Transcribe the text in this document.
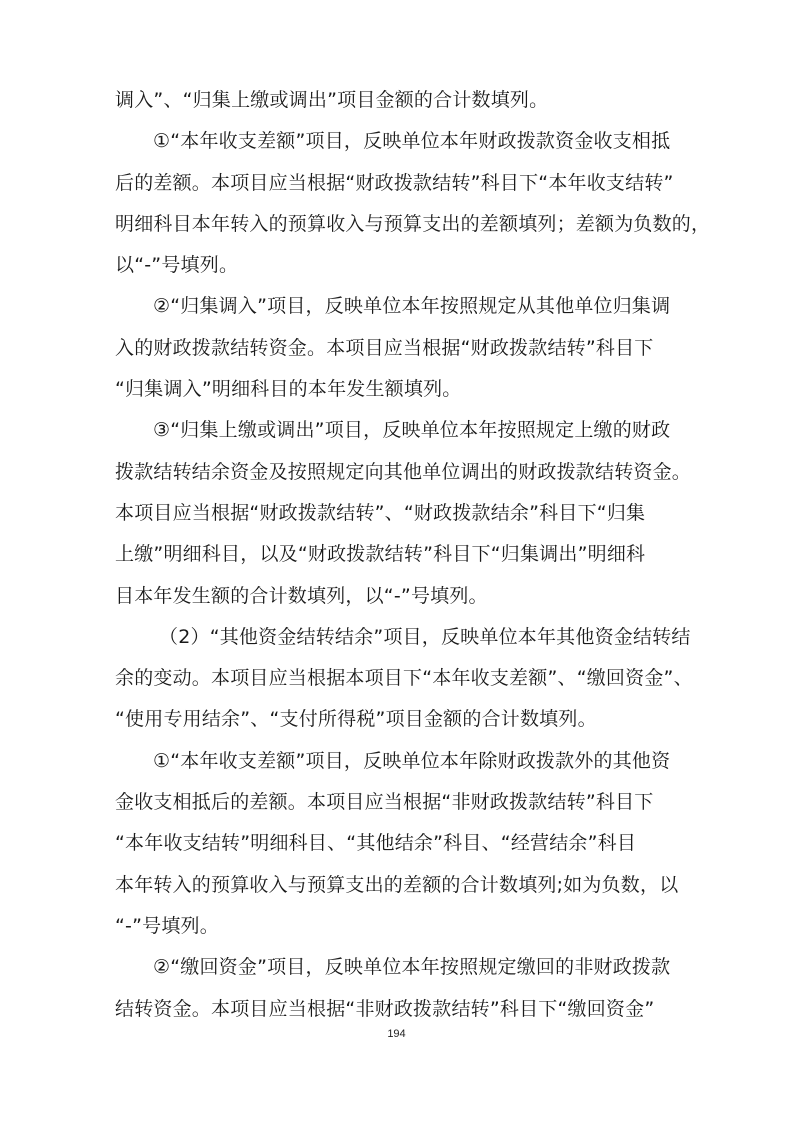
调入”、“归集上缴或调出”项目金额的合计数填列。
①“本年收支差额”项目，反映单位本年财政拨款资金收支相抵
后的差额。本项目应当根据“财政拨款结转”科目下“本年收支结转”
明细科目本年转入的预算收入与预算支出的差额填列；差额为负数的，
以“-”号填列。
②“归集调入”项目，反映单位本年按照规定从其他单位归集调
入的财政拨款结转资金。本项目应当根据“财政拨款结转”科目下
“归集调入”明细科目的本年发生额填列。
③“归集上缴或调出”项目，反映单位本年按照规定上缴的财政
拨款结转结余资金及按照规定向其他单位调出的财政拨款结转资金。
本项目应当根据“财政拨款结转”、“财政拨款结余”科目下“归集
上缴”明细科目，以及“财政拨款结转”科目下“归集调出”明细科
目本年发生额的合计数填列，以“-”号填列。
（2）“其他资金结转结余”项目，反映单位本年其他资金结转结
余的变动。本项目应当根据本项目下“本年收支差额”、“缴回资金”、
“使用专用结余”、“支付所得税”项目金额的合计数填列。
①“本年收支差额”项目，反映单位本年除财政拨款外的其他资
金收支相抵后的差额。本项目应当根据“非财政拨款结转”科目下
“本年收支结转”明细科目、“其他结余”科目、“经营结余”科目
本年转入的预算收入与预算支出的差额的合计数填列;如为负数，以
“-”号填列。
②“缴回资金”项目，反映单位本年按照规定缴回的非财政拨款
结转资金。本项目应当根据“非财政拨款结转”科目下“缴回资金”
194
